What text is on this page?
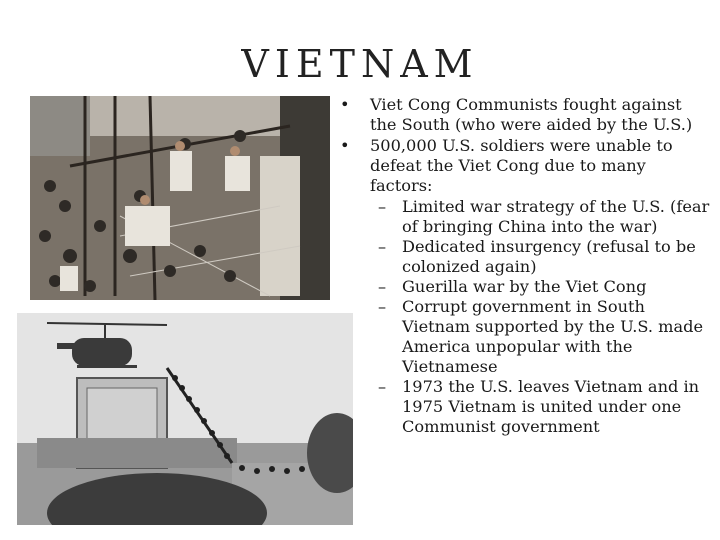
VIETNAM
• Viet Cong Communists fought against the South (who were aided by the U.S.)
• 500,000 U.S. soldiers were unable to defeat the Viet Cong due to many factors:
– Limited war strategy of the U.S. (fear of bringing China into the war)
– Dedicated insurgency (refusal to be colonized again)
– Guerilla war by the Viet Cong
– Corrupt government in South Vietnam supported by the U.S. made America unpopular with the Vietnamese
– 1973 the U.S. leaves Vietnam and in 1975 Vietnam is united under one Communist government
